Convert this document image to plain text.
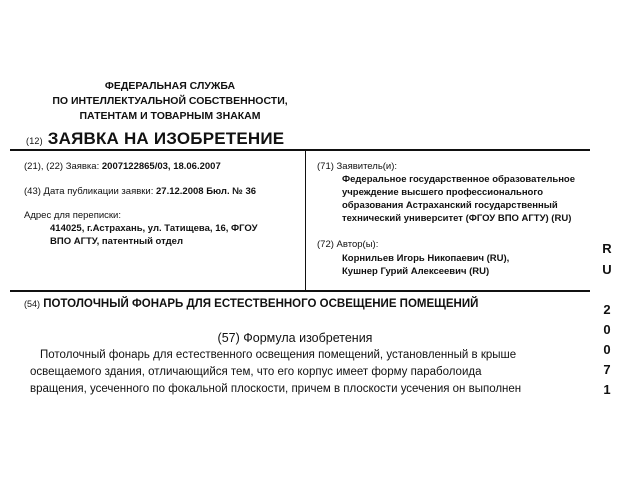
ФЕДЕРАЛЬНАЯ СЛУЖБА
ПО ИНТЕЛЛЕКТУАЛЬНОЙ СОБСТВЕННОСТИ,
ПАТЕНТАМ И ТОВАРНЫМ ЗНАКАМ
(12) ЗАЯВКА НА ИЗОБРЕТЕНИЕ
(21), (22) Заявка: 2007122865/03, 18.06.2007
(43) Дата публикации заявки: 27.12.2008 Бюл. № 36
Адрес для переписки:
414025, г.Астрахань, ул. Татищева, 16, ФГОУ
ВПО АГТУ, патентный отдел
(71) Заявитель(и):
Федеральное государственное образовательное
учреждение высшего профессионального
образования Астраханский государственный
технический университет (ФГОУ ВПО АГТУ) (RU)
(72) Автор(ы):
Корнильев Игорь Никопаевич (RU),
Кушнер Гурий Алексеевич (RU)
R
U
2
0
0
7
1
(54) ПОТОЛОЧНЫЙ ФОНАРЬ ДЛЯ ЕСТЕСТВЕННОГО ОСВЕЩЕНИЕ ПОМЕЩЕНИЙ
(57) Формула изобретения
Потолочный фонарь для естественного освещения помещений, установленный в крыше
освещаемого здания, отличающийся тем, что его корпус имеет форму параболоида
вращения, усеченного по фокальной плоскости, причем в плоскости усечения он выполнен
